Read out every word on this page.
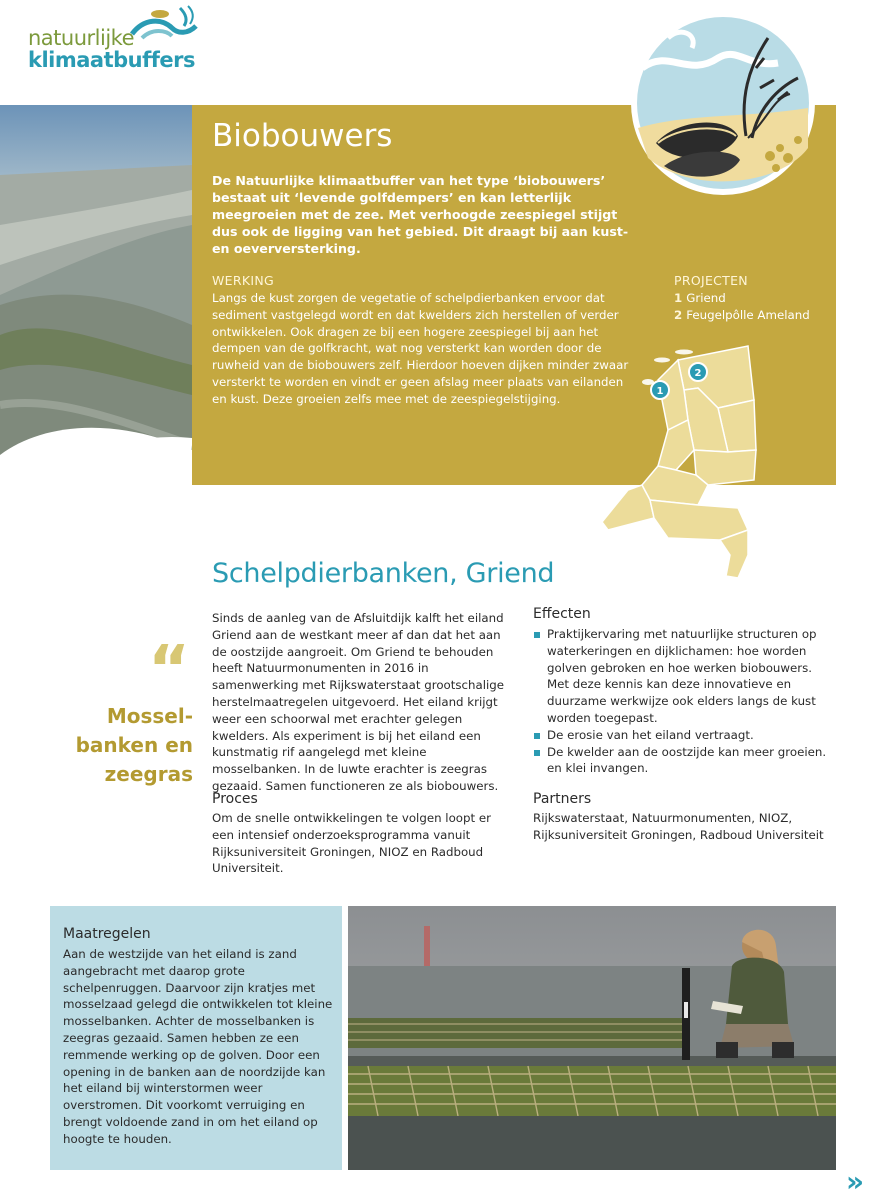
natuurlijke
klimaatbuffers
Biobouwers
De Natuurlijke klimaatbuffer van het type ‘biobouwers’ bestaat uit ‘levende golfdempers’ en kan letterlijk meegroeien met de zee. Met verhoogde zeespiegel stijgt dus ook de ligging van het gebied. Dit draagt bij aan kust- en oeverversterking.
WERKING
Langs de kust zorgen de vegetatie of schelpdierbanken ervoor dat sediment vastgelegd wordt en dat kwelders zich herstellen of verder ontwikkelen. Ook dragen ze bij een hogere zeespiegel bij aan het dempen van de golfkracht, wat nog versterkt kan worden door de ruwheid van de biobouwers zelf. Hierdoor hoeven dijken minder zwaar versterkt te worden en vindt er geen afslag meer plaats van eilanden en kust. Deze groeien zelfs mee met de zeespiegelstijging.
PROJECTEN
1 Griend
2 Feugelpôlle Ameland
2
1
Schelpdierbanken, Griend
“
Mossel-banken en zeegras
Sinds de aanleg van de Afsluitdijk kalft het eiland Griend aan de westkant meer af dan dat het aan de oostzijde aangroeit. Om Griend te behouden heeft Natuurmonumenten in 2016 in samenwerking met Rijkswaterstaat grootschalige herstelmaatregelen uitgevoerd. Het eiland krijgt weer een schoorwal met erachter gelegen kwelders. Als experiment is bij het eiland een kunstmatig rif aangelegd met kleine mosselbanken. In de luwte erachter is zeegras gezaaid. Samen functioneren ze als biobouwers.
Proces
Om de snelle ontwikkelingen te volgen loopt er een intensief onderzoeksprogramma vanuit Rijksuniversiteit Groningen, NIOZ en Radboud Universiteit.
Effecten
Praktijkervaring met natuurlijke structuren op waterkeringen en dijklichamen: hoe worden golven gebroken en hoe werken biobouwers. Met deze kennis kan deze innovatieve en duurzame werkwijze ook elders langs de kust worden toegepast.
De erosie van het eiland vertraagt.
De kwelder aan de oostzijde kan meer groeien. en klei invangen.
Partners
Rijkswaterstaat, Natuurmonumenten, NIOZ, Rijksuniversiteit Groningen, Radboud Universiteit
Maatregelen
Aan de westzijde van het eiland is zand aangebracht met daarop grote schelpenruggen. Daarvoor zijn kratjes met mosselzaad gelegd die ontwikkelen tot kleine mosselbanken. Achter de mosselbanken is zeegras gezaaid. Samen hebben ze een remmende werking op de golven. Door een opening in de banken aan de noordzijde kan het eiland bij winterstormen weer overstromen. Dit voorkomt verruiging en brengt voldoende zand in om het eiland op hoogte te houden.
»
